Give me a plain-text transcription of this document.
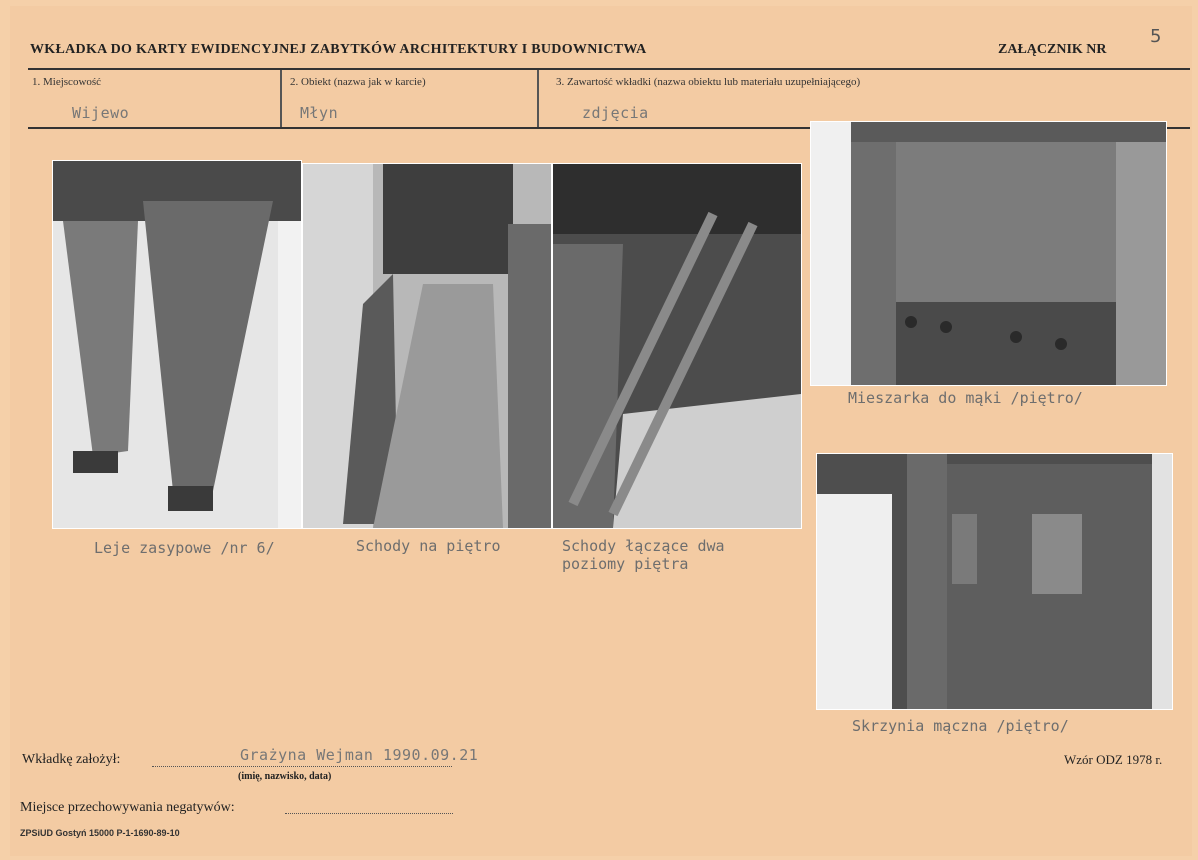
WKŁADKA DO KARTY EWIDENCYJNEJ ZABYTKÓW ARCHITEKTURY I BUDOWNICTWA	ZAŁĄCZNIK NR
5
1. Miejscowość
Wijewo
2. Obiekt (nazwa jak w karcie)
Młyn
3. Zawartość wkładki (nazwa obiektu lub materiału uzupełniającego)
zdjęcia
Leje zasypowe /nr 6/	Schody na piętro	Schody łączące dwa
poziomy piętra
Mieszarka do mąki /piętro/
Skrzynia mączna /piętro/
Wkładkę założył:	Grażyna Wejman 1990.09.21
(imię, nazwisko, data)
Wzór ODZ 1978 r.
Miejsce przechowywania negatywów:
ZPSiUD Gostyń 15000 P-1-1690-89-10
